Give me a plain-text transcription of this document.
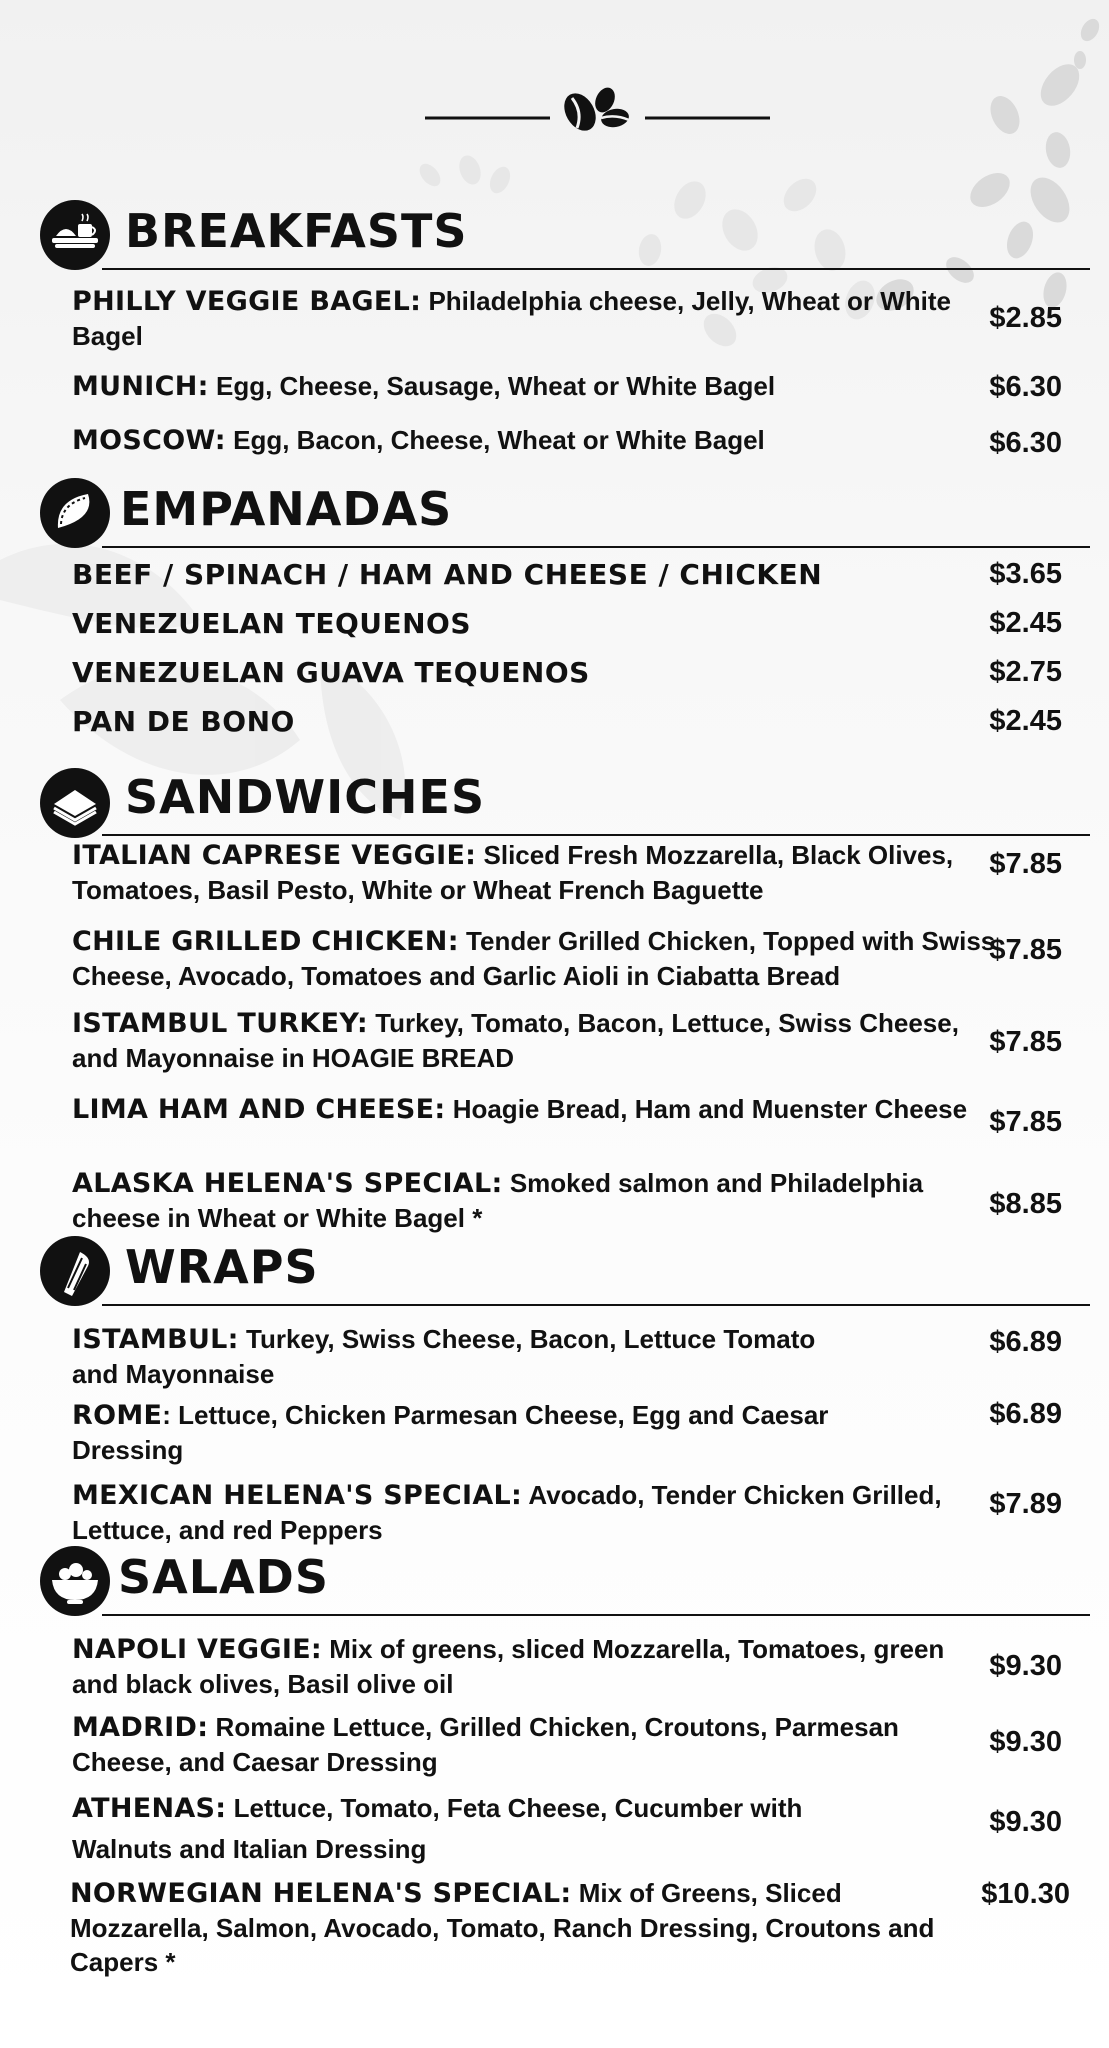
BREAKFASTS
PHILLY VEGGIE BAGEL: Philadelphia cheese, Jelly, Wheat or White Bagel
$2.85
MUNICH: Egg, Cheese, Sausage, Wheat or White Bagel	$6.30
MOSCOW: Egg, Bacon, Cheese, Wheat or White Bagel	$6.30
EMPANADAS
BEEF / SPINACH / HAM AND CHEESE / CHICKEN	$3.65
VENEZUELAN TEQUENOS	$2.45
VENEZUELAN GUAVA TEQUENOS	$2.75
PAN DE BONO	$2.45
SANDWICHES
ITALIAN CAPRESE VEGGIE: Sliced Fresh Mozzarella, Black Olives, Tomatoes, Basil Pesto, White or Wheat French Baguette
$7.85
CHILE GRILLED CHICKEN: Tender Grilled Chicken, Topped with Swiss Cheese, Avocado, Tomatoes and Garlic Aioli in Ciabatta Bread
$7.85
ISTAMBUL TURKEY: Turkey, Tomato, Bacon, Lettuce, Swiss Cheese, and Mayonnaise in HOAGIE BREAD	$7.85
LIMA HAM AND CHEESE: Hoagie Bread, Ham and Muenster Cheese $7.85
ALASKA HELENA'S SPECIAL: Smoked salmon and Philadelphia cheese in Wheat or White Bagel *	$8.85
WRAPS
ISTAMBUL: Turkey, Swiss Cheese, Bacon, Lettuce Tomato and Mayonnaise
$6.89
ROME: Lettuce, Chicken Parmesan Cheese, Egg and Caesar Dressing
$6.89
MEXICAN HELENA'S SPECIAL: Avocado, Tender Chicken Grilled, Lettuce, and red Peppers
$7.89
SALADS
NAPOLI VEGGIE: Mix of greens, sliced Mozzarella, Tomatoes, green and black olives, Basil olive oil
$9.30
MADRID: Romaine Lettuce, Grilled Chicken, Croutons, Parmesan Cheese, and Caesar Dressing
$9.30
ATHENAS: Lettuce, Tomato, Feta Cheese, Cucumber with Walnuts and Italian Dressing
$9.30
NORWEGIAN HELENA'S SPECIAL: Mix of Greens, Sliced Mozzarella, Salmon, Avocado, Tomato, Ranch Dressing, Croutons and Capers *
$10.30
